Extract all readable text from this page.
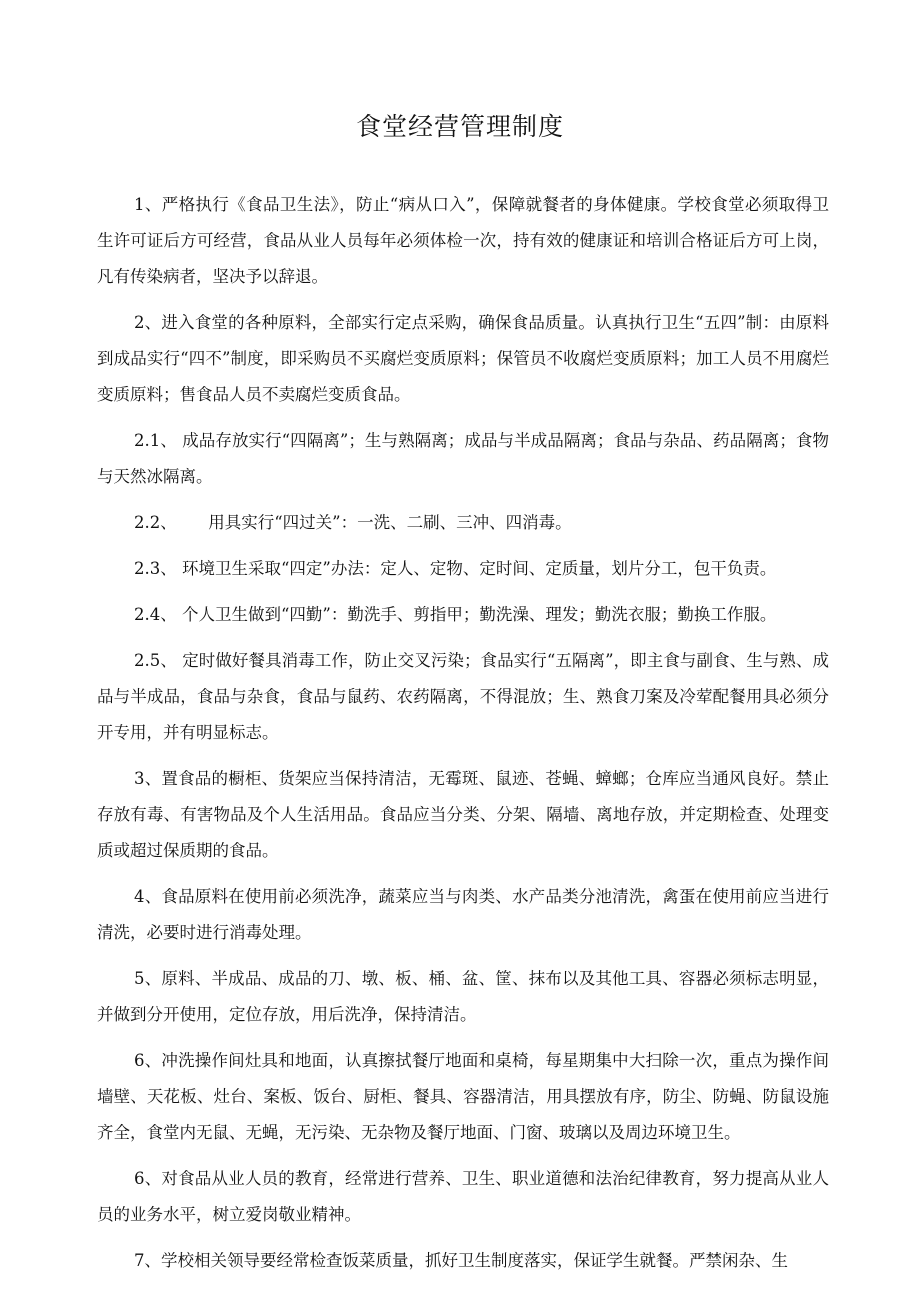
食堂经营管理制度

1、严格执行《食品卫生法》，防止“病从口入”，保障就餐者的身体健康。学校食堂必须取得卫生许可证后方可经营，食品从业人员每年必须体检一次，持有效的健康证和培训合格证后方可上岗，凡有传染病者，坚决予以辞退。

2、进入食堂的各种原料，全部实行定点采购，确保食品质量。认真执行卫生“五四”制：由原料到成品实行“四不”制度，即采购员不买腐烂变质原料；保管员不收腐烂变质原料；加工人员不用腐烂变质原料；售食品人员不卖腐烂变质食品。

2.1、 成品存放实行“四隔离”；生与熟隔离；成品与半成品隔离；食品与杂品、药品隔离；食物与天然冰隔离。

2.2、      用具实行“四过关”：一洗、二刷、三冲、四消毒。

2.3、 环境卫生采取“四定”办法：定人、定物、定时间、定质量，划片分工，包干负责。

2.4、 个人卫生做到“四勤”：勤洗手、剪指甲；勤洗澡、理发；勤洗衣服；勤换工作服。

2.5、 定时做好餐具消毒工作，防止交叉污染；食品实行“五隔离”，即主食与副食、生与熟、成品与半成品，食品与杂食，食品与鼠药、农药隔离，不得混放；生、熟食刀案及冷荤配餐用具必须分开专用，并有明显标志。

3、置食品的橱柜、货架应当保持清洁，无霉斑、鼠迹、苍蝇、蟑螂；仓库应当通风良好。禁止存放有毒、有害物品及个人生活用品。食品应当分类、分架、隔墙、离地存放，并定期检查、处理变质或超过保质期的食品。

4、食品原料在使用前必须洗净，蔬菜应当与肉类、水产品类分池清洗，禽蛋在使用前应当进行清洗，必要时进行消毒处理。

5、原料、半成品、成品的刀、墩、板、桶、盆、筐、抹布以及其他工具、容器必须标志明显，并做到分开使用，定位存放，用后洗净，保持清洁。

6、冲洗操作间灶具和地面，认真擦拭餐厅地面和桌椅，每星期集中大扫除一次，重点为操作间墙壁、天花板、灶台、案板、饭台、厨柜、餐具、容器清洁，用具摆放有序，防尘、防蝇、防鼠设施齐全，食堂内无鼠、无蝇，无污染、无杂物及餐厅地面、门窗、玻璃以及周边环境卫生。

6、对食品从业人员的教育，经常进行营养、卫生、职业道德和法治纪律教育，努力提高从业人员的业务水平，树立爱岗敬业精神。

7、学校相关领导要经常检查饭菜质量，抓好卫生制度落实，保证学生就餐。严禁闲杂、生
